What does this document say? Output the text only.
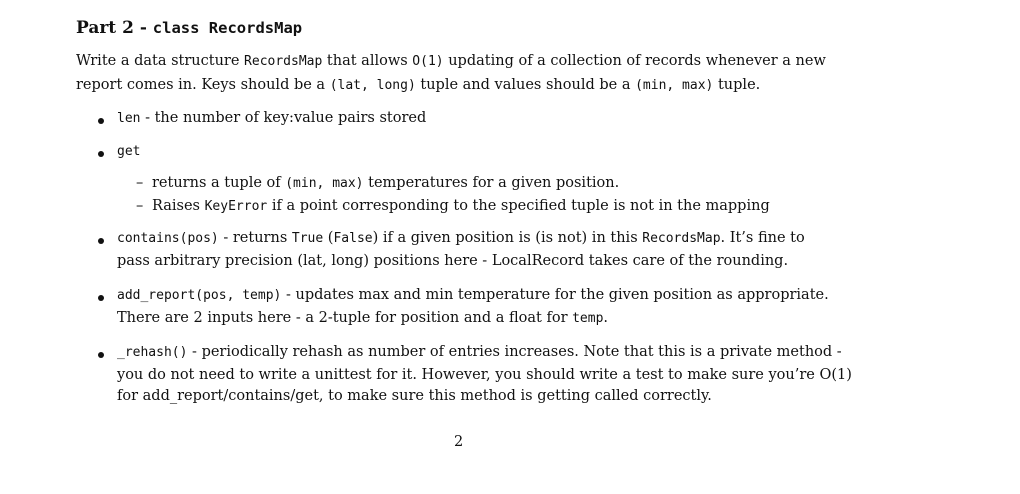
Part 2 - class RecordsMap
Write a data structure RecordsMap that allows O(1) updating of a collection of records whenever a new
report comes in. Keys should be a (lat, long) tuple and values should be a (min, max) tuple.
len - the number of key:value pairs stored
get
– returns a tuple of (min, max) temperatures for a given position.
– Raises KeyError if a point corresponding to the specified tuple is not in the mapping
contains(pos) - returns True (False) if a given position is (is not) in this RecordsMap. It’s fine to
pass arbitrary precision (lat, long) positions here - LocalRecord takes care of the rounding.
add_report(pos, temp) - updates max and min temperature for the given position as appropriate.
There are 2 inputs here - a 2-tuple for position and a float for temp.
_rehash() - periodically rehash as number of entries increases. Note that this is a private method -
you do not need to write a unittest for it. However, you should write a test to make sure you’re O(1)
for add_report/contains/get, to make sure this method is getting called correctly.
2
